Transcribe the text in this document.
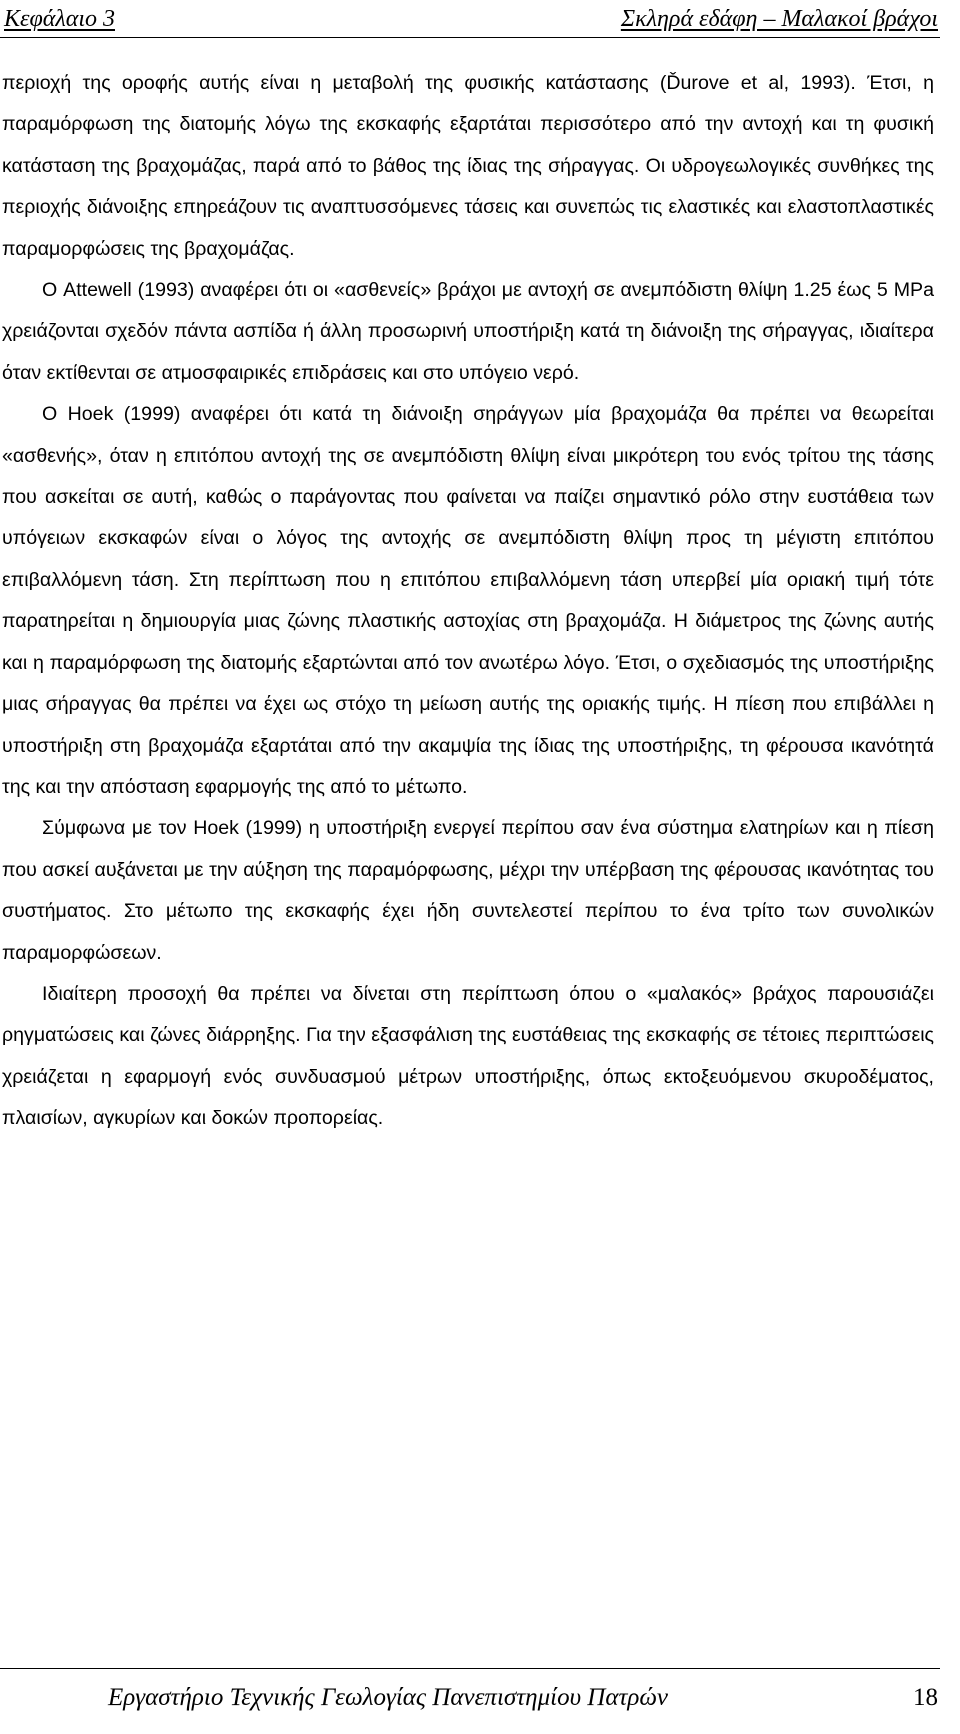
Κεφάλαιο 3	Σκληρά εδάφη – Μαλακοί βράχοι

περιοχή της οροφής αυτής είναι η μεταβολή της φυσικής κατάστασης (Ďurove et al, 1993). Έτσι, η παραμόρφωση της διατομής λόγω της εκσκαφής εξαρτάται περισσότερο από την αντοχή και τη φυσική κατάσταση της βραχομάζας, παρά από το βάθος της ίδιας της σήραγγας. Οι υδρογεωλογικές συνθήκες της περιοχής διάνοιξης επηρεάζουν τις αναπτυσσόμενες τάσεις και συνεπώς τις ελαστικές και ελαστοπλαστικές παραμορφώσεις της βραχομάζας.

Ο Attewell (1993) αναφέρει ότι οι «ασθενείς» βράχοι με αντοχή σε ανεμπόδιστη θλίψη 1.25 έως 5 MPa χρειάζονται σχεδόν πάντα ασπίδα ή άλλη προσωρινή υποστήριξη κατά τη διάνοιξη της σήραγγας, ιδιαίτερα όταν εκτίθενται σε ατμοσφαιρικές επιδράσεις και στο υπόγειο νερό.

Ο Hoek (1999) αναφέρει ότι κατά τη διάνοιξη σηράγγων μία βραχομάζα θα πρέπει να θεωρείται «ασθενής», όταν η επιτόπου αντοχή της σε ανεμπόδιστη θλίψη είναι μικρότερη του ενός τρίτου της τάσης που ασκείται σε αυτή, καθώς ο παράγοντας που φαίνεται να παίζει σημαντικό ρόλο στην ευστάθεια των υπόγειων εκσκαφών είναι ο λόγος της αντοχής σε ανεμπόδιστη θλίψη προς τη μέγιστη επιτόπου επιβαλλόμενη τάση. Στη περίπτωση που η επιτόπου επιβαλλόμενη τάση υπερβεί μία οριακή τιμή τότε παρατηρείται η δημιουργία μιας ζώνης πλαστικής αστοχίας στη βραχομάζα. Η διάμετρος της ζώνης αυτής και η παραμόρφωση της διατομής εξαρτώνται από τον ανωτέρω λόγο. Έτσι, ο σχεδιασμός της υποστήριξης μιας σήραγγας θα πρέπει να έχει ως στόχο τη μείωση αυτής της οριακής τιμής. Η πίεση που επιβάλλει η υποστήριξη στη βραχομάζα εξαρτάται από την ακαμψία της ίδιας της υποστήριξης, τη φέρουσα ικανότητά της και την απόσταση εφαρμογής της από το μέτωπο.

Σύμφωνα με τον Hoek (1999) η υποστήριξη ενεργεί περίπου σαν ένα σύστημα ελατηρίων και η πίεση που ασκεί αυξάνεται με την αύξηση της παραμόρφωσης, μέχρι την υπέρβαση της φέρουσας ικανότητας του συστήματος. Στο μέτωπο της εκσκαφής έχει ήδη συντελεστεί περίπου το ένα τρίτο των συνολικών παραμορφώσεων.

Ιδιαίτερη προσοχή θα πρέπει να δίνεται στη περίπτωση όπου ο «μαλακός» βράχος παρουσιάζει ρηγματώσεις και ζώνες διάρρηξης. Για την εξασφάλιση της ευστάθειας της εκσκαφής σε τέτοιες περιπτώσεις χρειάζεται η εφαρμογή ενός συνδυασμού μέτρων υποστήριξης, όπως εκτοξευόμενου σκυροδέματος, πλαισίων, αγκυρίων και δοκών προπορείας.

Εργαστήριο Τεχνικής Γεωλογίας Πανεπιστημίου Πατρών	18
